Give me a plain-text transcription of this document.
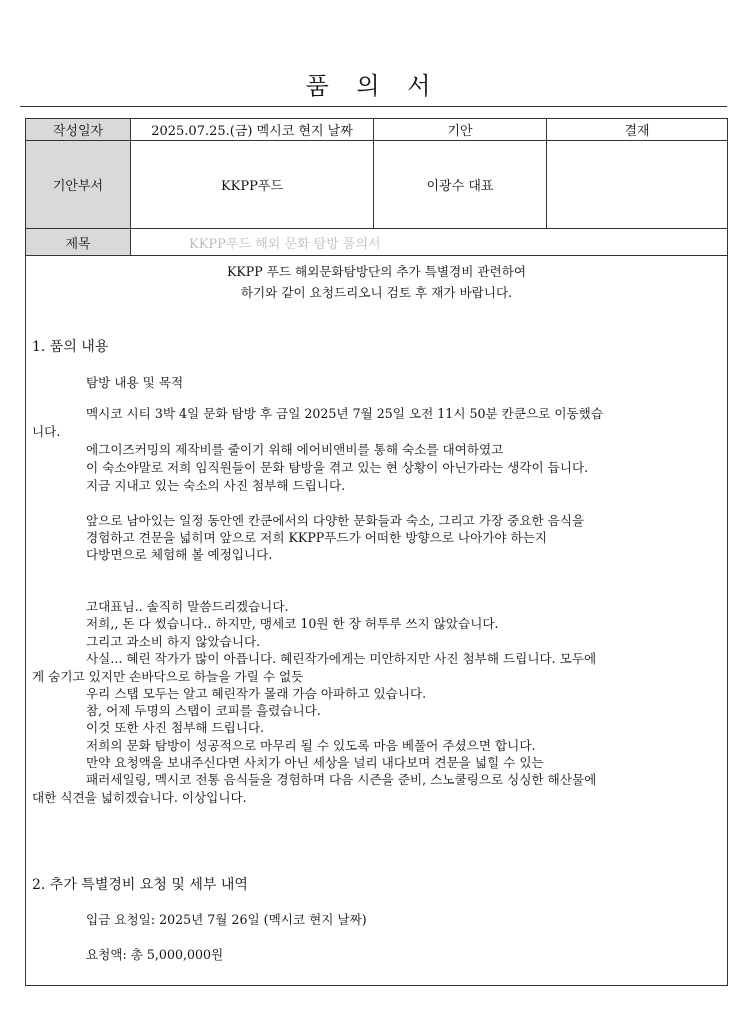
품 의 서
작성일자	2025.07.25.(금) 멕시코 현지 날짜	기안	결재
기안부서	KKPP푸드	이광수 대표	
제목	KKPP푸드 해외 문화 탐방 품의서		
KKPP 푸드 해외문화탐방단의 추가 특별경비 관련하여
하기와 같이 요청드리오니 검토 후 재가 바랍니다.
1. 품의 내용
탐방 내용 및 목적
멕시코 시티 3박 4일 문화 탐방 후 금일 2025년 7월 25일 오전 11시 50분 칸쿤으로 이동했습
니다.
에그이즈커밍의 제작비를 줄이기 위해 에어비앤비를 통해 숙소를 대여하였고
이 숙소야말로 저희 임직원들이 문화 탐방을 겪고 있는 현 상황이 아닌가라는 생각이 듭니다.
지금 지내고 있는 숙소의 사진 첨부해 드립니다.
앞으로 남아있는 일정 동안엔 칸쿤에서의 다양한 문화들과 숙소, 그리고 가장 중요한 음식을
경험하고 견문을 넓히며 앞으로 저희 KKPP푸드가 어떠한 방향으로 나아가야 하는지
다방면으로 체험해 볼 예정입니다.
고대표님.. 솔직히 말씀드리겠습니다.
저희,, 돈 다 썼습니다.. 하지만, 맹세코 10원 한 장 허투루 쓰지 않았습니다.
그리고 과소비 하지 않았습니다.
사실... 혜린 작가가 많이 아픕니다. 혜린작가에게는 미안하지만 사진 첨부해 드립니다. 모두에
게 숨기고 있지만 손바닥으로 하늘을 가릴 수 없듯
우리 스탭 모두는 알고 혜린작가 몰래 가슴 아파하고 있습니다.
참, 어제 두명의 스탭이 코피를 흘렸습니다.
이것 또한 사진 첨부해 드립니다.
저희의 문화 탐방이 성공적으로 마무리 될 수 있도록 마음 베풀어 주셨으면 합니다.
만약 요청액을 보내주신다면 사치가 아닌 세상을 널리 내다보며 견문을 넓힐 수 있는
패러세일링, 멕시코 전통 음식들을 경험하며 다음 시즌을 준비, 스노쿨링으로 싱싱한 해산물에
대한 식견을 넓히겠습니다. 이상입니다.
2. 추가 특별경비 요청 및 세부 내역
입금 요청일: 2025년 7월 26일 (멕시코 현지 날짜)
요청액: 총 5,000,000원
